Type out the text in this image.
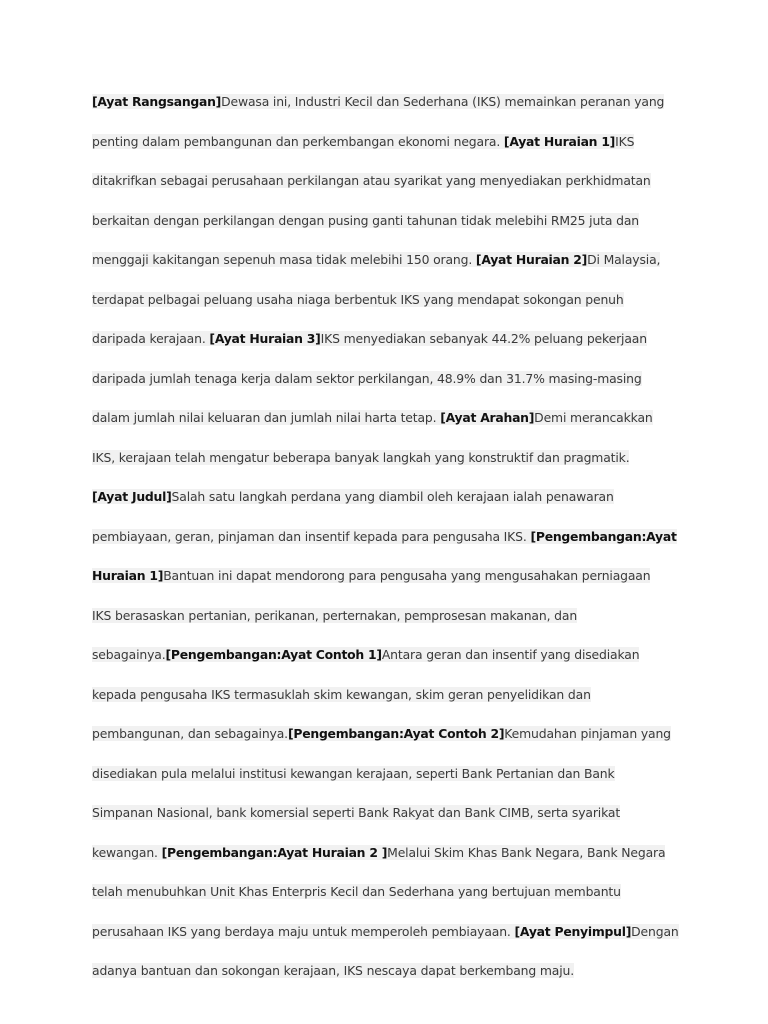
[Ayat Rangsangan]Dewasa ini, Industri Kecil dan Sederhana (IKS) memainkan peranan yang
penting dalam pembangunan dan perkembangan ekonomi negara. [Ayat Huraian 1]IKS
ditakrifkan sebagai perusahaan perkilangan atau syarikat yang menyediakan perkhidmatan
berkaitan dengan perkilangan dengan pusing ganti tahunan tidak melebihi RM25 juta dan
menggaji kakitangan sepenuh masa tidak melebihi 150 orang. [Ayat Huraian 2]Di Malaysia,
terdapat pelbagai peluang usaha niaga berbentuk IKS yang mendapat sokongan penuh
daripada kerajaan. [Ayat Huraian 3]IKS menyediakan sebanyak 44.2% peluang pekerjaan
daripada jumlah tenaga kerja dalam sektor perkilangan, 48.9% dan 31.7% masing-masing
dalam jumlah nilai keluaran dan jumlah nilai harta tetap. [Ayat Arahan]Demi merancakkan
IKS, kerajaan telah mengatur beberapa banyak langkah yang konstruktif dan pragmatik.
[Ayat Judul]Salah satu langkah perdana yang diambil oleh kerajaan ialah penawaran
pembiayaan, geran, pinjaman dan insentif kepada para pengusaha IKS. [Pengembangan:Ayat
Huraian 1]Bantuan ini dapat mendorong para pengusaha yang mengusahakan perniagaan
IKS berasaskan pertanian, perikanan, perternakan, pemprosesan makanan, dan
sebagainya.[Pengembangan:Ayat Contoh 1]Antara geran dan insentif yang disediakan
kepada pengusaha IKS termasuklah skim kewangan, skim geran penyelidikan dan
pembangunan, dan sebagainya.[Pengembangan:Ayat Contoh 2]Kemudahan pinjaman yang
disediakan pula melalui institusi kewangan kerajaan, seperti Bank Pertanian dan Bank
Simpanan Nasional, bank komersial seperti Bank Rakyat dan Bank CIMB, serta syarikat
kewangan. [Pengembangan:Ayat Huraian 2 ]Melalui Skim Khas Bank Negara, Bank Negara
telah menubuhkan Unit Khas Enterpris Kecil dan Sederhana yang bertujuan membantu
perusahaan IKS yang berdaya maju untuk memperoleh pembiayaan. [Ayat Penyimpul]Dengan
adanya bantuan dan sokongan kerajaan, IKS nescaya dapat berkembang maju.
